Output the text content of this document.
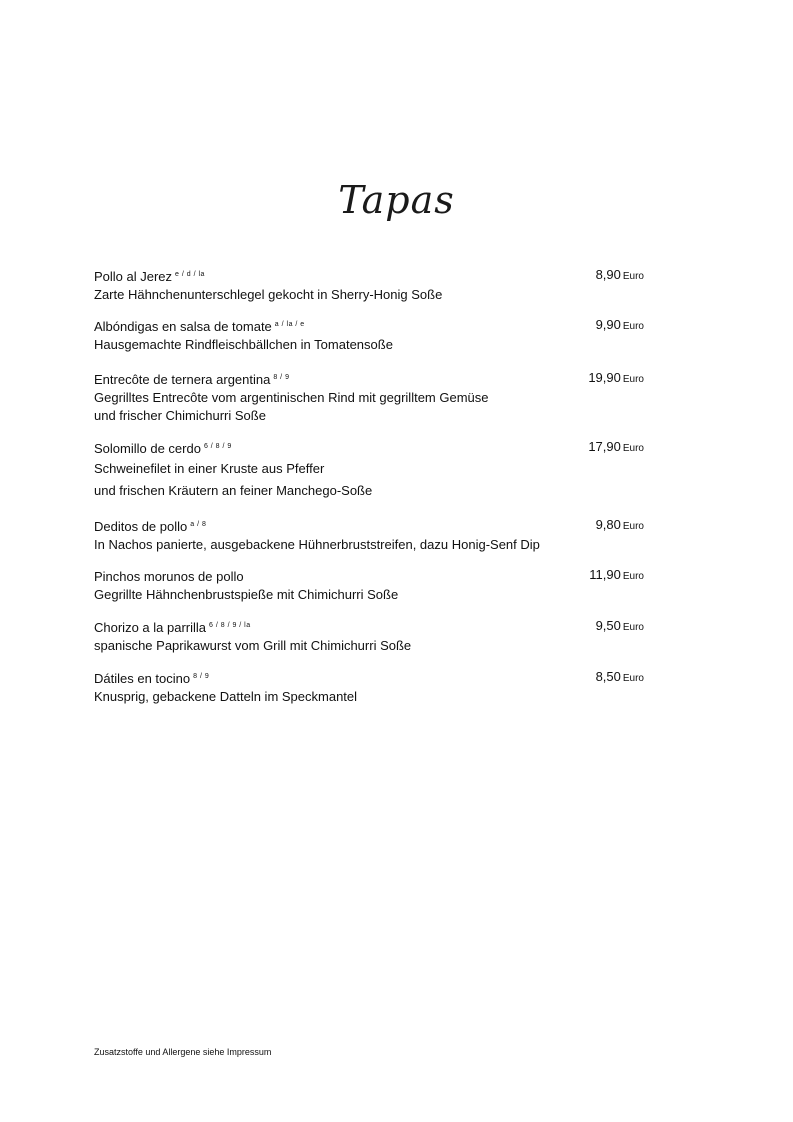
Tapas
Pollo al Jerez $^{e / d / la}$	8,90 Euro
Zarte Hähnchenunterschlegel gekocht in Sherry-Honig Soße
Albóndigas en salsa de tomate $^{a / la / e}$	9,90 Euro
Hausgemachte Rindfleischbällchen in Tomatensoße
Entrecôte de ternera argentina $^{8 / 9}$	19,90 Euro
Gegrilltes Entrecôte vom argentinischen Rind mit gegrilltem Gemüse
und frischer Chimichurri Soße
Solomillo de cerdo $^{6 / 8 / 9}$	17,90 Euro
Schweinefilet in einer Kruste aus Pfeffer
und frischen Kräutern an feiner Manchego-Soße
Deditos de pollo $^{a / 8}$	9,80 Euro
In Nachos panierte, ausgebackene Hühnerbruststreifen, dazu Honig-Senf Dip
Pinchos morunos de pollo	11,90 Euro
Gegrillte Hähnchenbrustspieße mit Chimichurri Soße
Chorizo a la parrilla $^{6 / 8 / 9 / la}$	9,50 Euro
spanische Paprikawurst vom Grill mit Chimichurri Soße
Dátiles en tocino $^{8 / 9}$	8,50 Euro
Knusprig, gebackene Datteln im Speckmantel
Zusatzstoffe und Allergene siehe Impressum
